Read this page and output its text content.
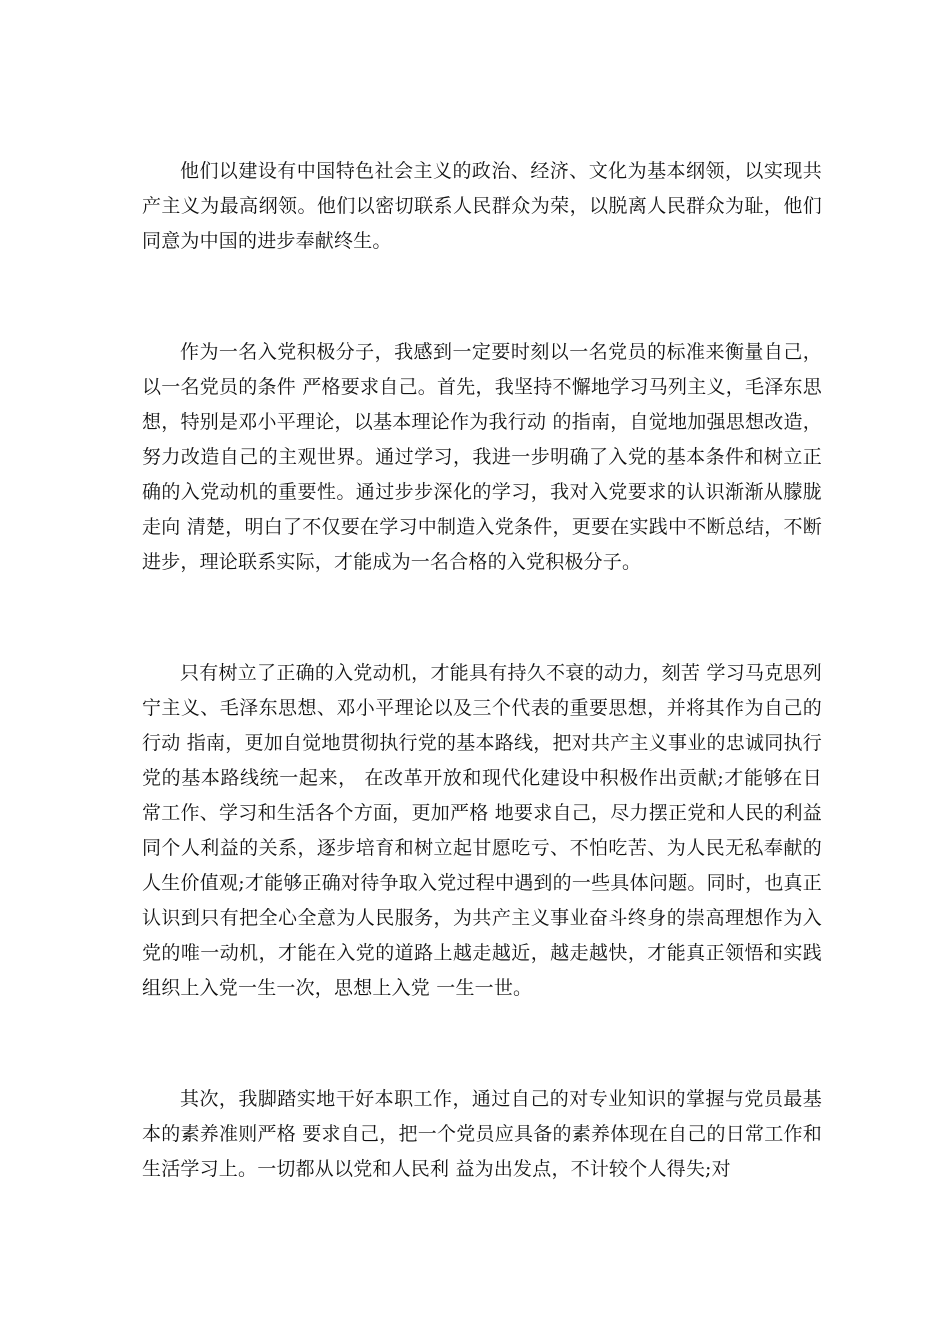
他们以建设有中国特色社会主义的政治、经济、文化为基本纲领，以实现共产主义为最高纲领。他们以密切联系人民群众为荣，以脱离人民群众为耻，他们同意为中国的进步奉献终生。

作为一名入党积极分子，我感到一定要时刻以一名党员的标准来衡量自己，以一名党员的条件 严格要求自己。首先，我坚持不懈地学习马列主义，毛泽东思想，特别是邓小平理论，以基本理论作为我行动 的指南，自觉地加强思想改造，努力改造自己的主观世界。通过学习，我进一步明确了入党的基本条件和树立正确的入党动机的重要性。通过步步深化的学习，我对入党要求的认识渐渐从朦胧走向 清楚，明白了不仅要在学习中制造入党条件，更要在实践中不断总结，不断进步，理论联系实际，才能成为一名合格的入党积极分子。

只有树立了正确的入党动机，才能具有持久不衰的动力，刻苦 学习马克思列宁主义、毛泽东思想、邓小平理论以及三个代表的重要思想，并将其作为自己的行动 指南，更加自觉地贯彻执行党的基本路线，把对共产主义事业的忠诚同执行党的基本路线统一起来， 在改革开放和现代化建设中积极作出贡献;才能够在日常工作、学习和生活各个方面，更加严格 地要求自己，尽力摆正党和人民的利益同个人利益的关系，逐步培育和树立起甘愿吃亏、不怕吃苦、为人民无私奉献的人生价值观;才能够正确对待争取入党过程中遇到的一些具体问题。同时，也真正认识到只有把全心全意为人民服务，为共产主义事业奋斗终身的崇高理想作为入党的唯一动机，才能在入党的道路上越走越近，越走越快，才能真正领悟和实践组织上入党一生一次，思想上入党 一生一世。

其次，我脚踏实地干好本职工作，通过自己的对专业知识的掌握与党员最基本的素养准则严格 要求自己，把一个党员应具备的素养体现在自己的日常工作和生活学习上。一切都从以党和人民利 益为出发点，不计较个人得失;对
